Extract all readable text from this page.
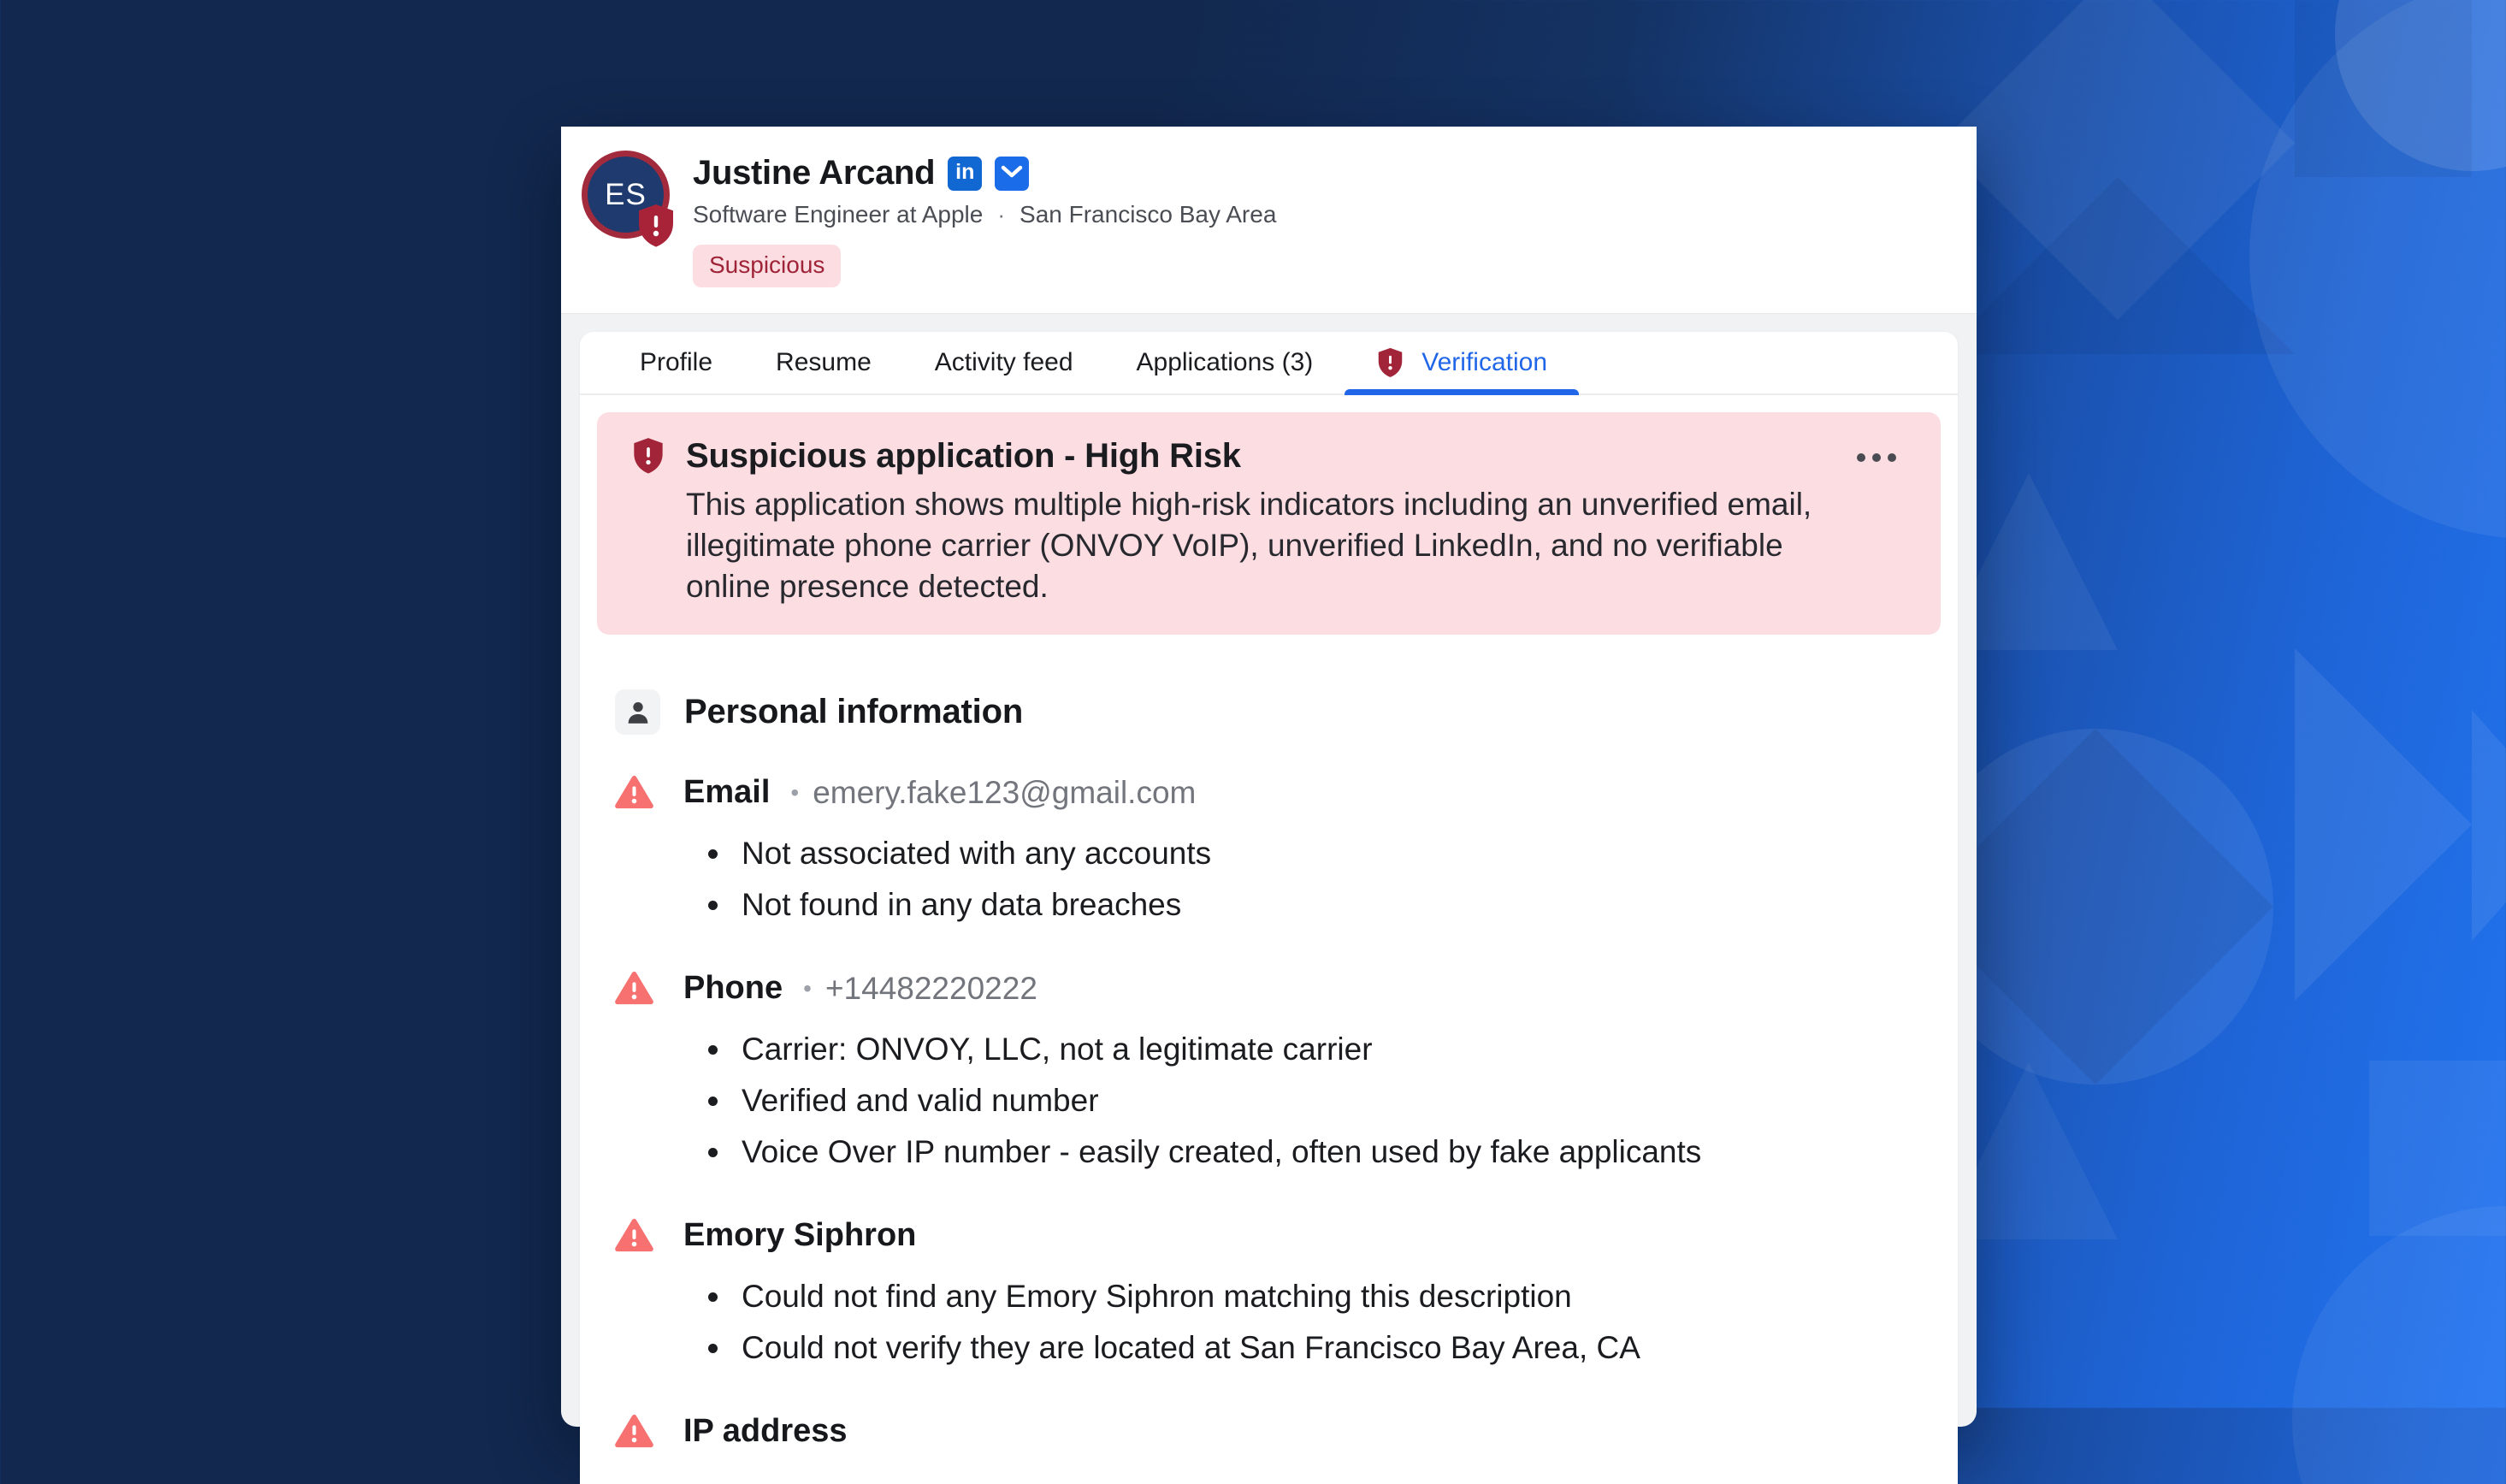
ES
Justine Arcand in
Software Engineer at Apple · San Francisco Bay Area
Suspicious
Profile	Resume	Activity feed	Applications (3)	Verification
Suspicious application - High Risk
This application shows multiple high-risk indicators including an unverified email, illegitimate phone carrier (ONVOY VoIP), unverified LinkedIn, and no verifiable online presence detected.
Personal information
Email • emery.fake123@gmail.com
• Not associated with any accounts
• Not found in any data breaches
Phone • +14482220222
• Carrier: ONVOY, LLC, not a legitimate carrier
• Verified and valid number
• Voice Over IP number - easily created, often used by fake applicants
Emory Siphron
• Could not find any Emory Siphron matching this description
• Could not verify they are located at San Francisco Bay Area, CA
IP address
